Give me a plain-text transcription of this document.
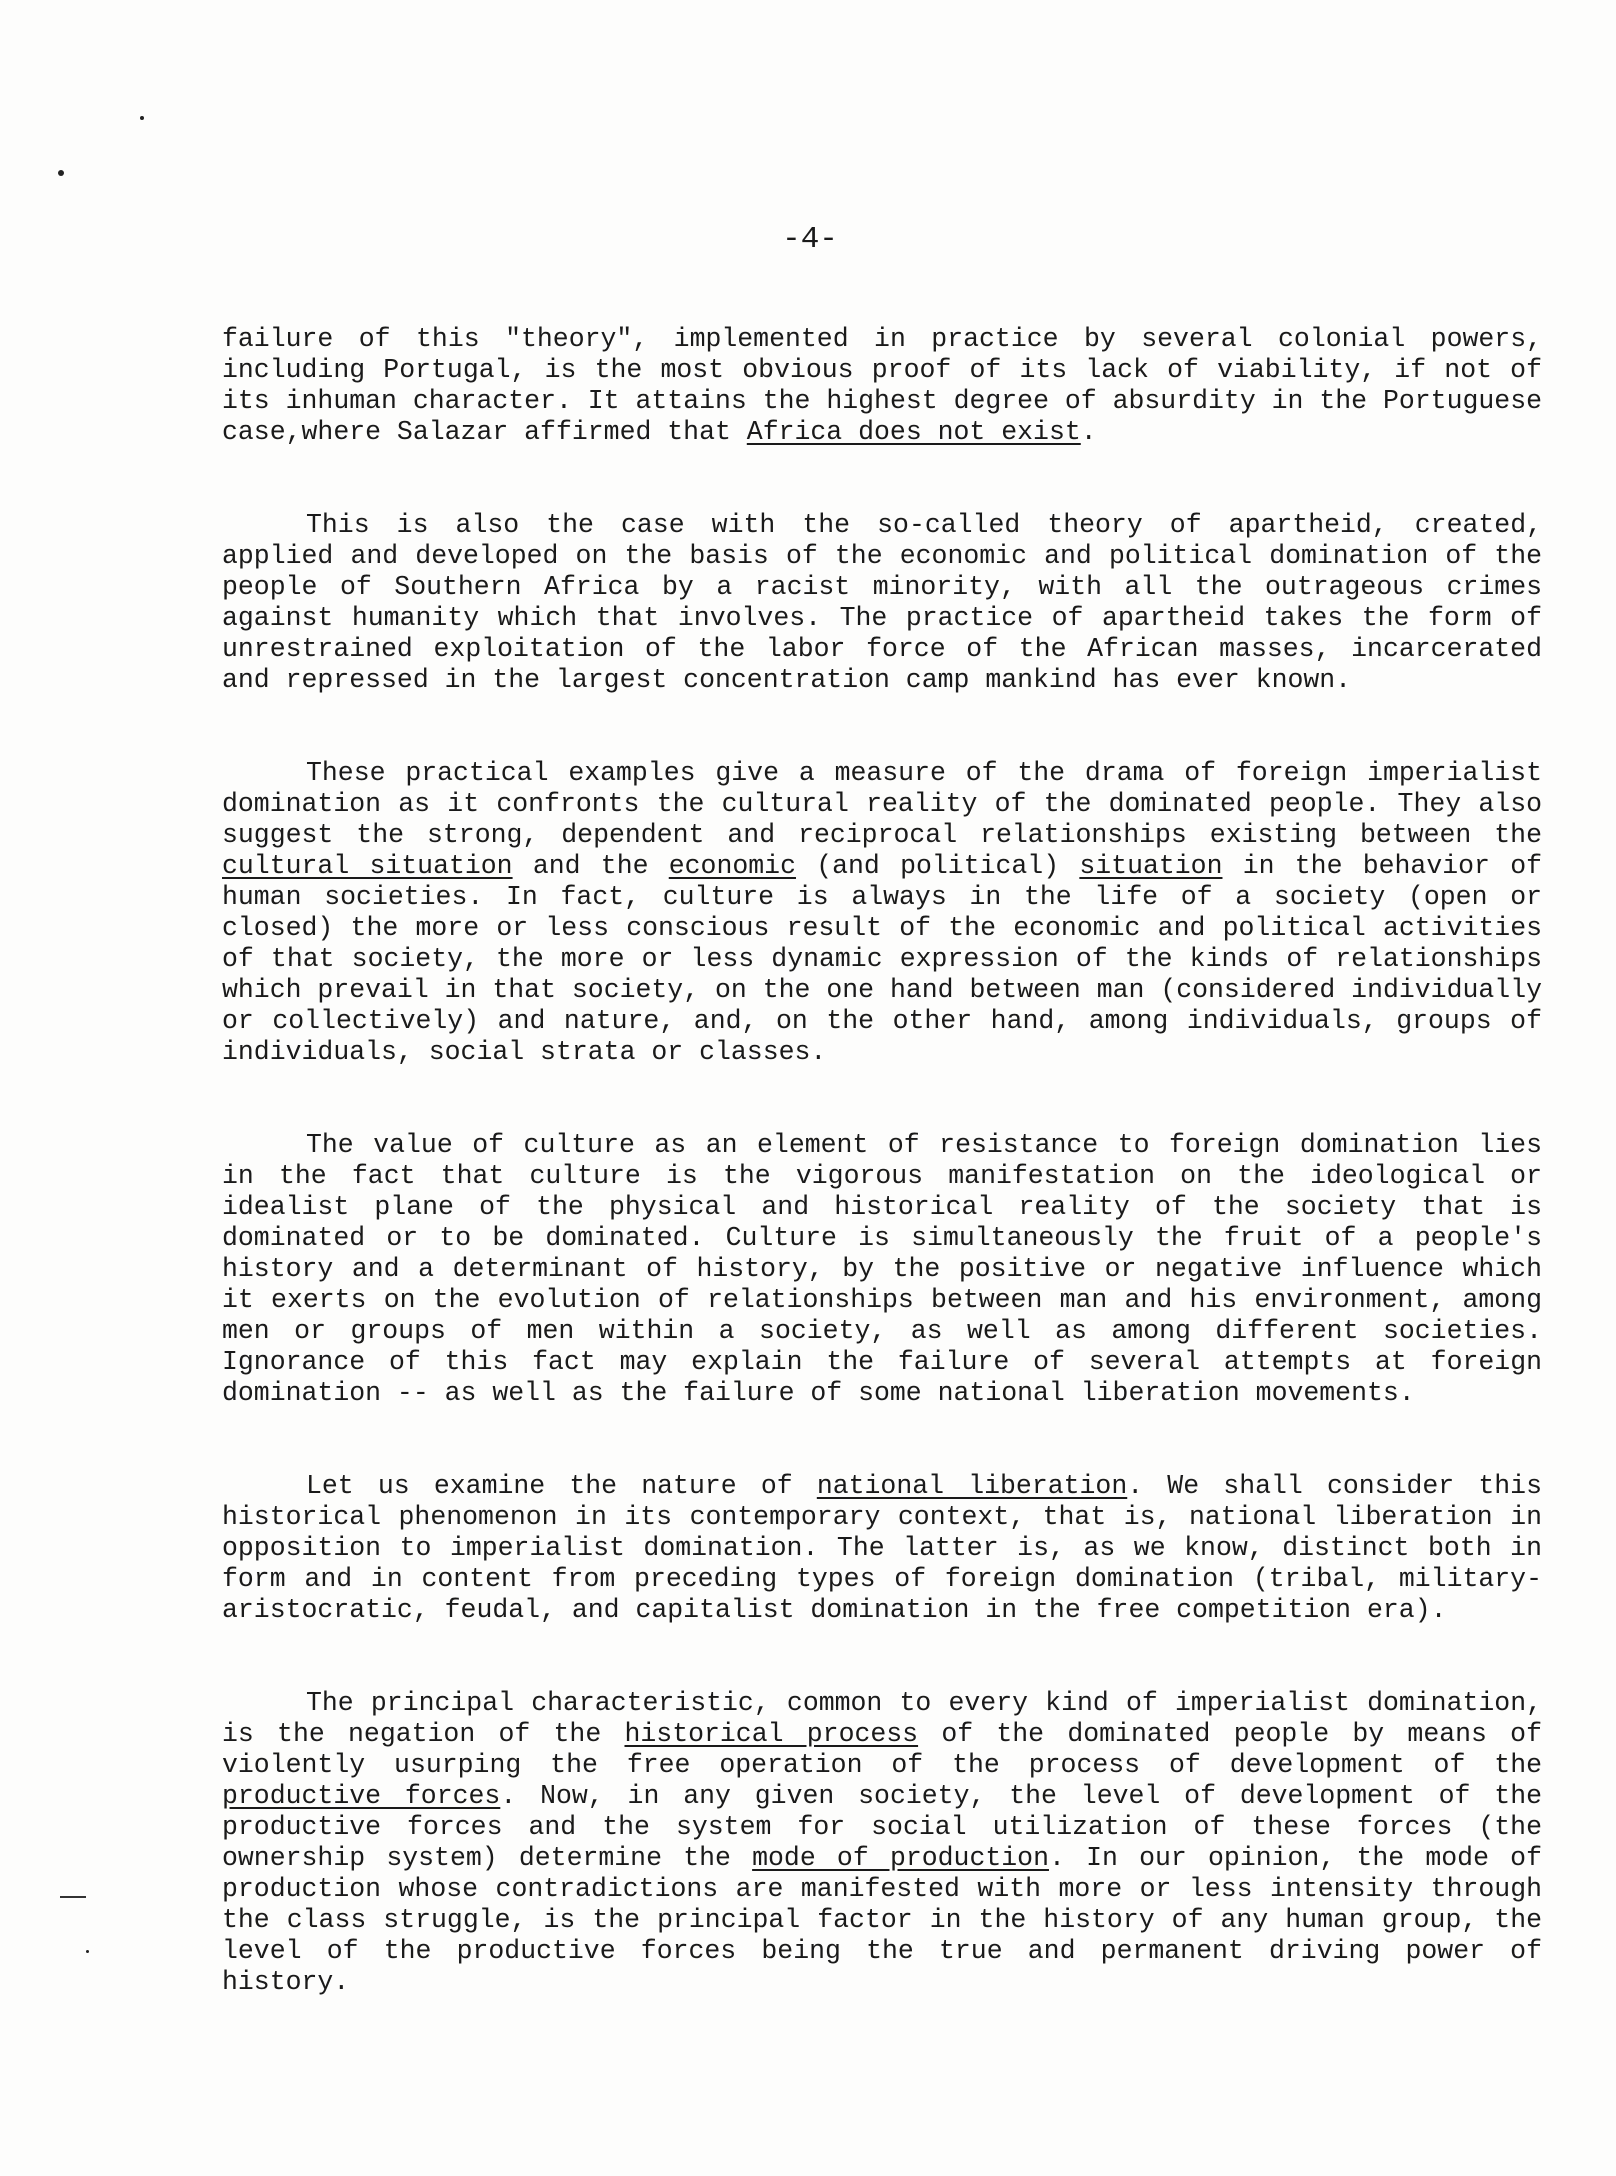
-4-

failure of this "theory", implemented in practice by several colonial powers, including Portugal, is the most obvious proof of its lack of viability, if not of its inhuman character. It attains the highest degree of absurdity in the Portuguese case,where Salazar affirmed that Africa does not exist.

This is also the case with the so-called theory of apartheid, created, applied and developed on the basis of the economic and political domination of the people of Southern Africa by a racist minority, with all the outrageous crimes against humanity which that involves. The practice of apartheid takes the form of unrestrained exploitation of the labor force of the African masses, incarcerated and repressed in the largest concentration camp mankind has ever known.

These practical examples give a measure of the drama of foreign imperialist domination as it confronts the cultural reality of the dominated people. They also suggest the strong, dependent and reciprocal relationships existing between the cultural situation and the economic (and political) situation in the behavior of human societies. In fact, culture is always in the life of a society (open or closed) the more or less conscious result of the economic and political activities of that society, the more or less dynamic expression of the kinds of relationships which prevail in that society, on the one hand between man (considered individually or collectively) and nature, and, on the other hand, among individuals, groups of individuals, social strata or classes.

The value of culture as an element of resistance to foreign domination lies in the fact that culture is the vigorous manifestation on the ideological or idealist plane of the physical and historical reality of the society that is dominated or to be dominated. Culture is simultaneously the fruit of a people's history and a determinant of history, by the positive or negative influence which it exerts on the evolution of relationships between man and his environment, among men or groups of men within a society, as well as among different societies. Ignorance of this fact may explain the failure of several attempts at foreign domination -- as well as the failure of some national liberation movements.

Let us examine the nature of national liberation. We shall consider this historical phenomenon in its contemporary context, that is, national liberation in opposition to imperialist domination. The latter is, as we know, distinct both in form and in content from preceding types of foreign domination (tribal, military-aristocratic, feudal, and capitalist domination in the free competition era).

The principal characteristic, common to every kind of imperialist domination, is the negation of the historical process of the dominated people by means of violently usurping the free operation of the process of development of the productive forces. Now, in any given society, the level of development of the productive forces and the system for social utilization of these forces (the ownership system) determine the mode of production. In our opinion, the mode of production whose contradictions are manifested with more or less intensity through the class struggle, is the principal factor in the history of any human group, the level of the productive forces being the true and permanent driving power of history.
